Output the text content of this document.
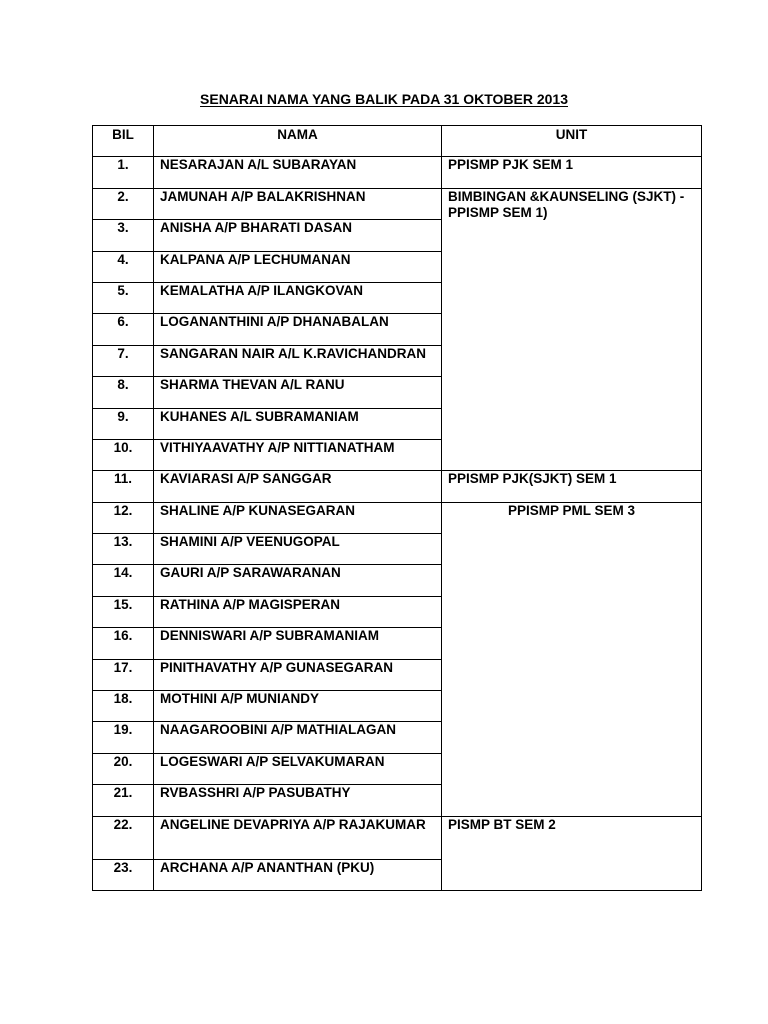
SENARAI NAMA YANG BALIK PADA 31 OKTOBER 2013
BIL	NAMA	UNIT
1.	NESARAJAN A/L SUBARAYAN	PPISMP PJK SEM 1
2.	JAMUNAH A/P BALAKRISHNAN	BIMBINGAN &KAUNSELING (SJKT) - PPISMP SEM 1)
3.	ANISHA A/P BHARATI DASAN	
4.	KALPANA A/P LECHUMANAN	
5.	KEMALATHA A/P ILANGKOVAN	
6.	LOGANANTHINI A/P DHANABALAN	
7.	SANGARAN NAIR A/L K.RAVICHANDRAN	
8.	SHARMA THEVAN A/L RANU	
9.	KUHANES A/L SUBRAMANIAM	
10.	VITHIYAAVATHY A/P NITTIANATHAM	
11.	KAVIARASI A/P SANGGAR	PPISMP PJK(SJKT) SEM 1
12.	SHALINE A/P KUNASEGARAN	PPISMP PML SEM 3
13.	SHAMINI A/P VEENUGOPAL	
14.	GAURI A/P SARAWARANAN	
15.	RATHINA A/P MAGISPERAN	
16.	DENNISWARI A/P SUBRAMANIAM	
17.	PINITHAVATHY A/P GUNASEGARAN	
18.	MOTHINI A/P MUNIANDY	
19.	NAAGAROOBINI A/P MATHIALAGAN	
20.	LOGESWARI A/P SELVAKUMARAN	
21.	RVBASSHRI A/P PASUBATHY	
22.	ANGELINE DEVAPRIYA A/P RAJAKUMAR	PISMP BT SEM 2
23.	ARCHANA A/P ANANTHAN (PKU)	
